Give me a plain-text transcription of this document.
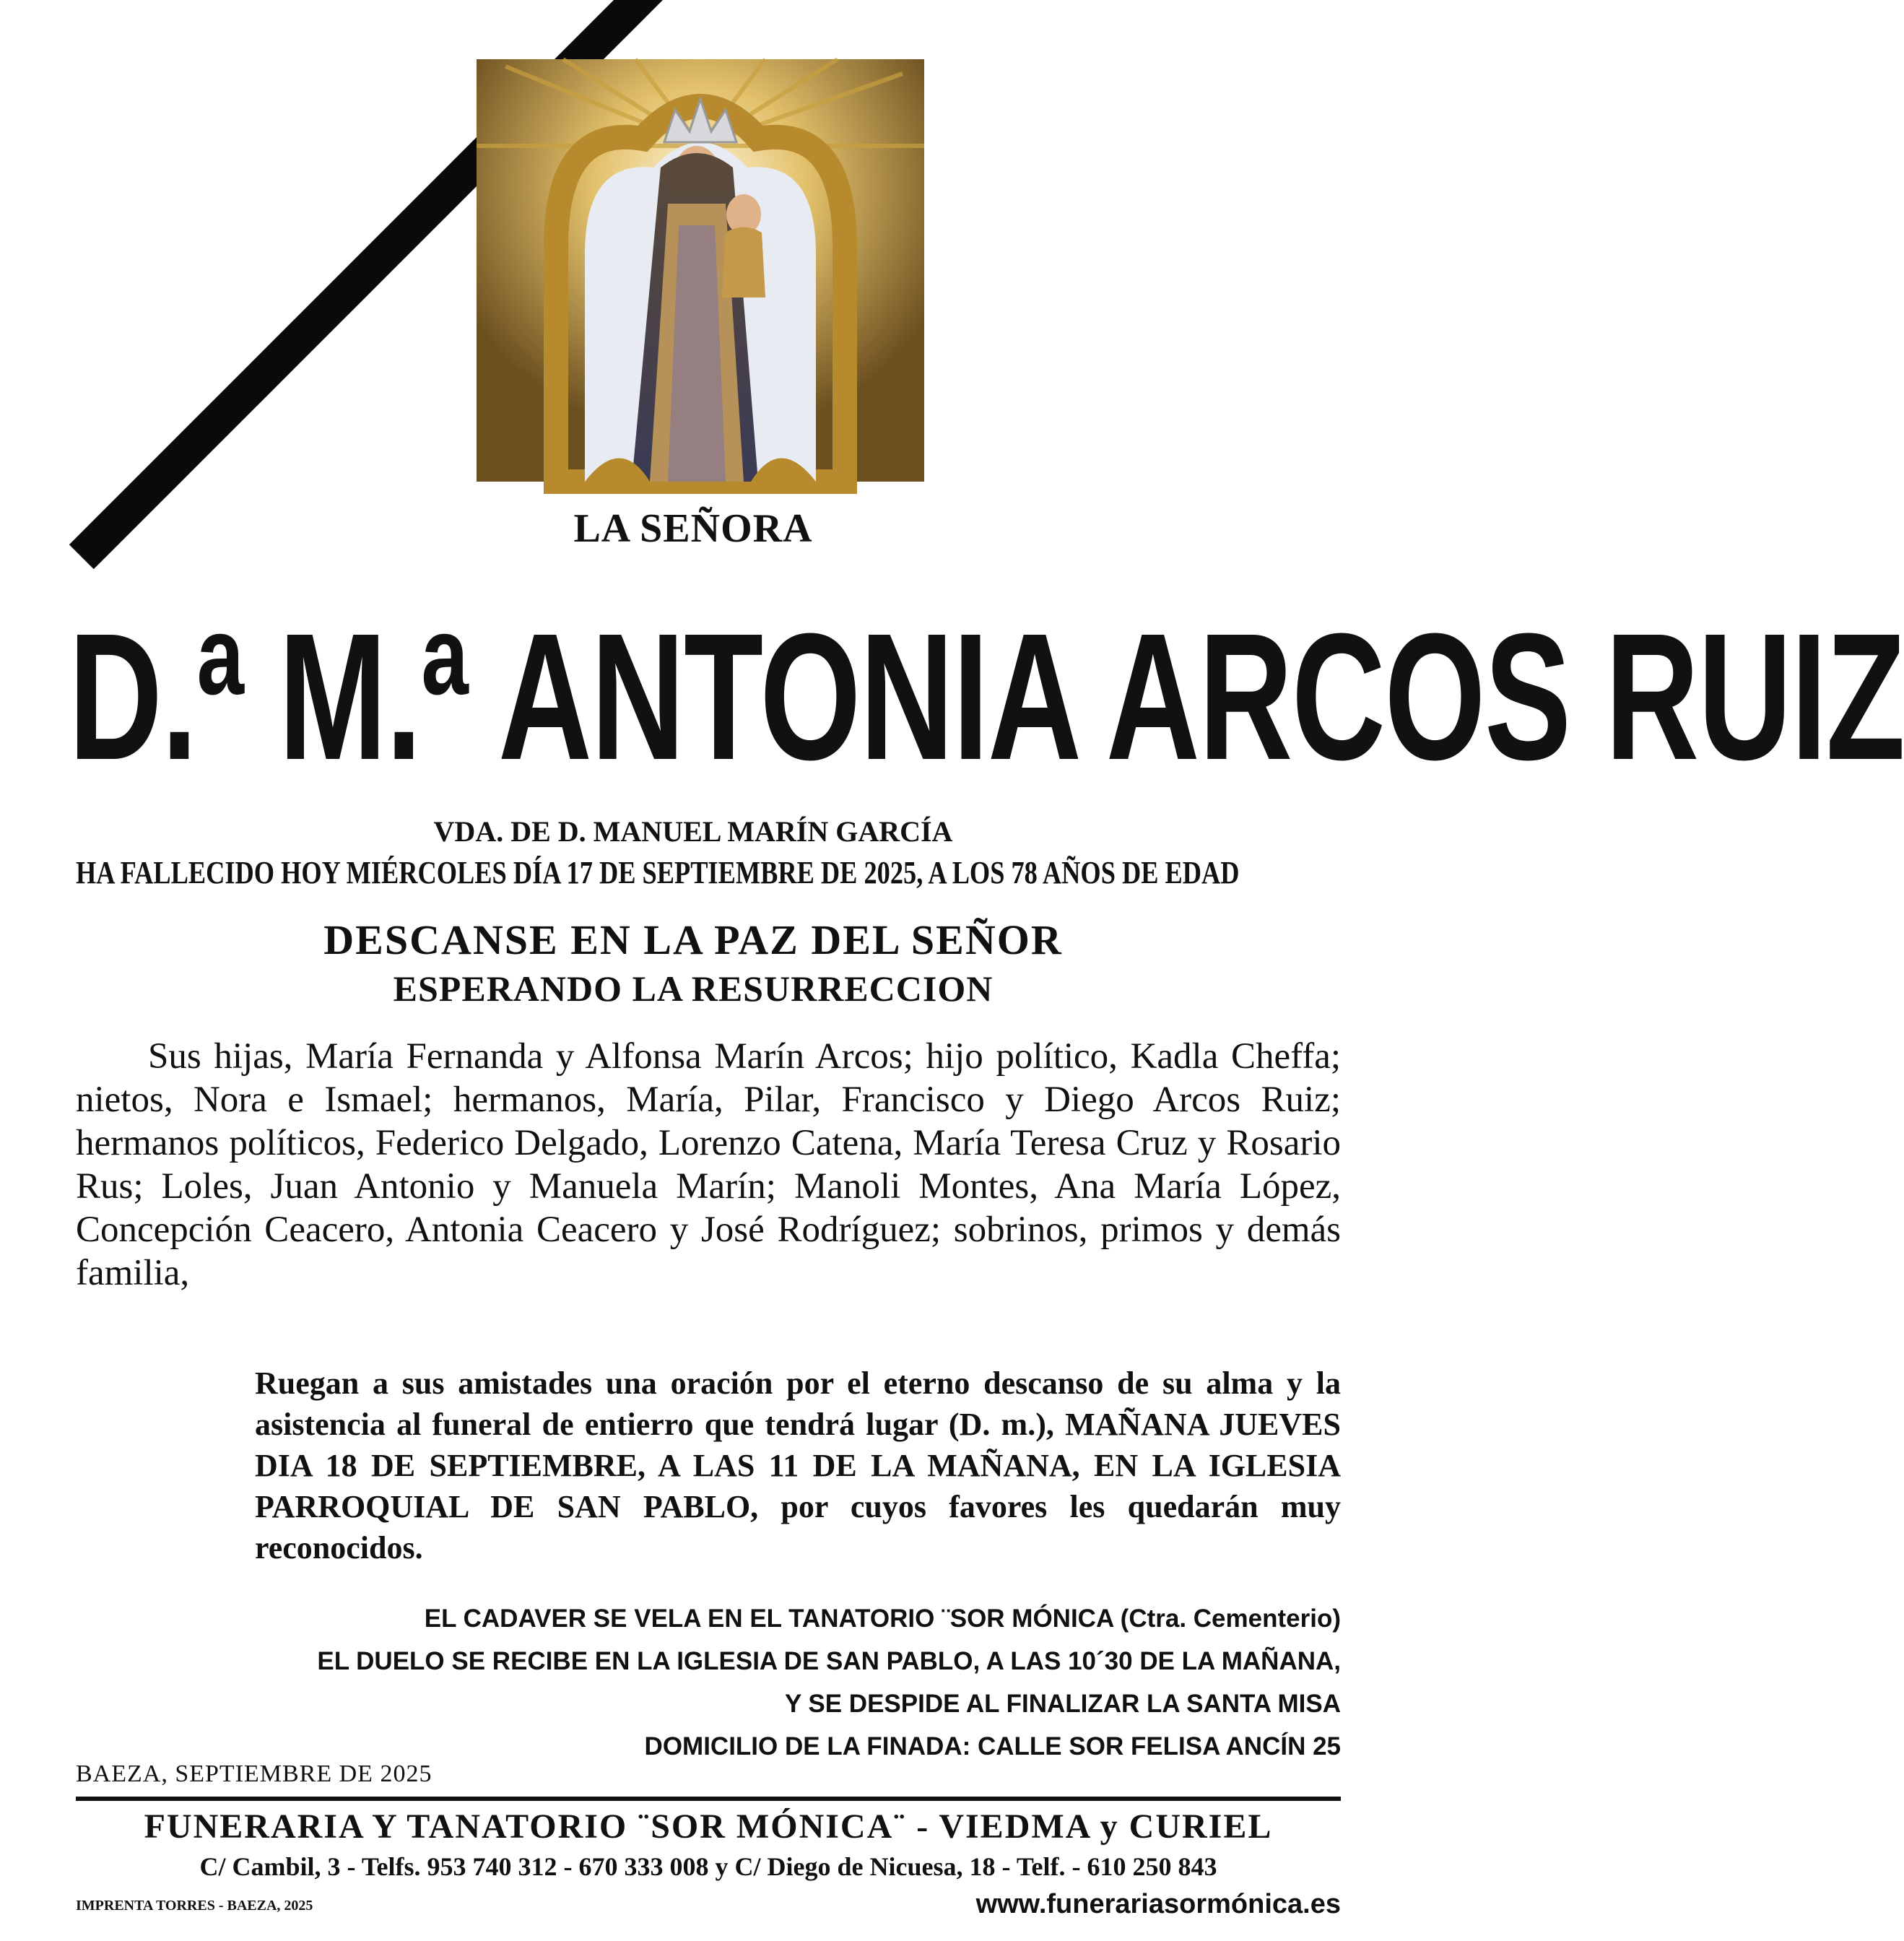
LA SEÑORA
D.ª M.ª ANTONIA ARCOS RUIZ
VDA. DE D. MANUEL MARÍN GARCÍA
HA FALLECIDO HOY MIÉRCOLES DÍA 17 DE SEPTIEMBRE DE 2025, A LOS 78 AÑOS DE EDAD
DESCANSE EN LA PAZ DEL SEÑOR
ESPERANDO LA RESURRECCION
Sus hijas, María Fernanda y Alfonsa Marín Arcos; hijo político, Kadla Cheffa; nietos, Nora e Ismael; hermanos, María, Pilar, Francisco y Diego Arcos Ruiz; hermanos políticos, Federico Delgado, Lorenzo Catena, María Teresa Cruz y Rosario Rus; Loles, Juan Antonio y Manuela Marín; Manoli Montes, Ana María López, Concepción Ceacero, Antonia Ceacero y José Rodríguez; sobrinos, primos y demás familia,
Ruegan a sus amistades una oración por el eterno descanso de su alma y la asistencia al funeral de entierro que tendrá lugar (D. m.), MAÑANA JUEVES DIA 18 DE SEPTIEMBRE, A LAS 11 DE LA MAÑANA, EN LA IGLESIA PARROQUIAL DE SAN PABLO, por cuyos favores les quedarán muy reconocidos.
EL CADAVER SE VELA EN EL TANATORIO ¨SOR MÓNICA (Ctra. Cementerio)
EL DUELO SE RECIBE EN LA IGLESIA DE SAN PABLO, A LAS 10´30 DE LA MAÑANA,
Y SE DESPIDE AL FINALIZAR LA SANTA MISA
DOMICILIO DE LA FINADA: CALLE SOR FELISA ANCÍN 25
BAEZA, SEPTIEMBRE DE 2025
FUNERARIA Y TANATORIO ¨SOR MÓNICA¨ - VIEDMA y CURIEL
C/ Cambil, 3 - Telfs. 953 740 312 - 670 333 008 y C/ Diego de Nicuesa, 18 - Telf. - 610 250 843
IMPRENTA TORRES - BAEZA, 2025	www.funerariasormónica.es
